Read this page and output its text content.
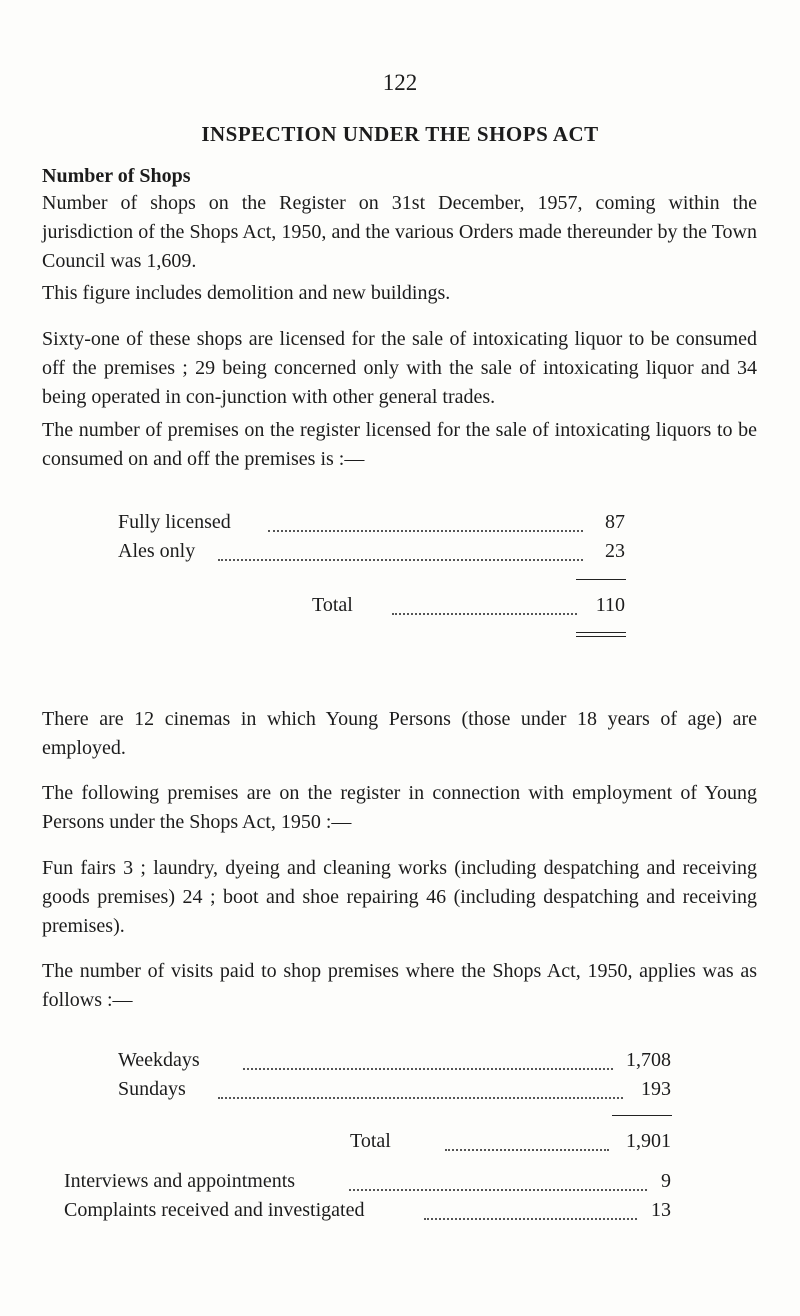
122
INSPECTION UNDER THE SHOPS ACT
Number of Shops

Number of shops on the Register on 31st December, 1957, coming within the jurisdiction of the Shops Act, 1950, and the various Orders made thereunder by the Town Council was 1,609.

This figure includes demolition and new buildings.

Sixty-one of these shops are licensed for the sale of intoxicating liquor to be consumed off the premises ; 29 being concerned only with the sale of intoxicating liquor and 34 being operated in con-junction with other general trades.

The number of premises on the register licensed for the sale of intoxicating liquors to be consumed on and off the premises is :—

Fully licensed	87
Ales only	23
Total	110

There are 12 cinemas in which Young Persons (those under 18 years of age) are employed.

The following premises are on the register in connection with employment of Young Persons under the Shops Act, 1950 :—

Fun fairs 3 ; laundry, dyeing and cleaning works (including despatching and receiving goods premises) 24 ; boot and shoe repairing 46 (including despatching and receiving premises).

The number of visits paid to shop premises where the Shops Act, 1950, applies was as follows :—

Weekdays	1,708
Sundays	193
Total	1,901
Interviews and appointments	9
Complaints received and investigated	13
